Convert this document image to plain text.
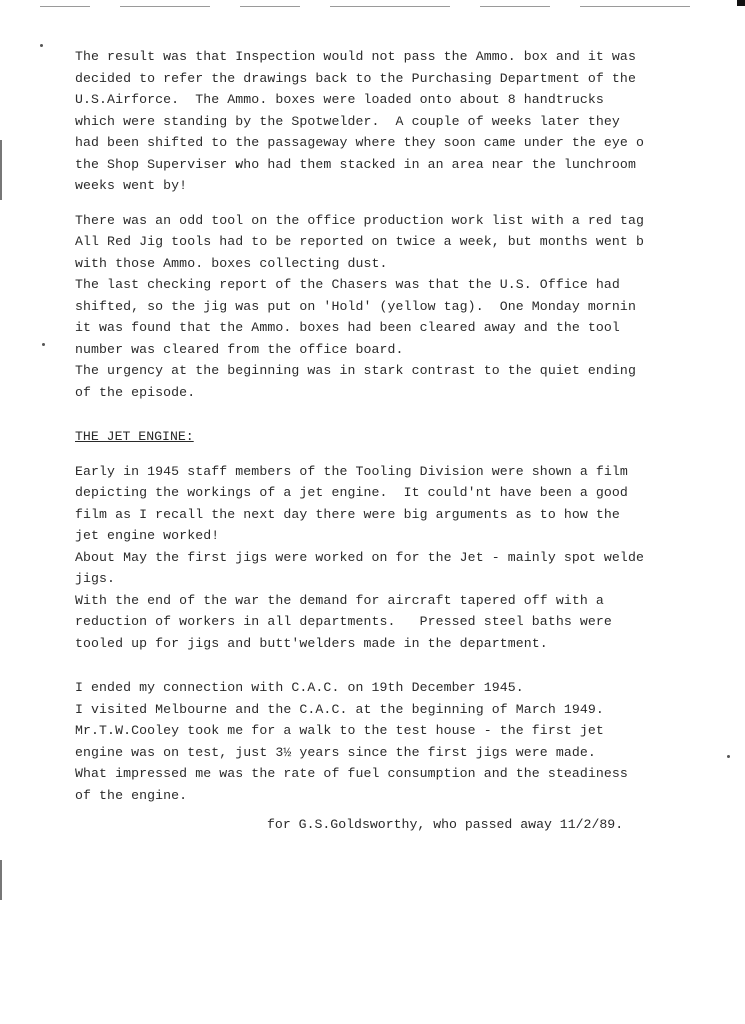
The result was that Inspection would not pass the Ammo. box and it was
decided to refer the drawings back to the Purchasing Department of the
U.S.Airforce.  The Ammo. boxes were loaded onto about 8 handtrucks
which were standing by the Spotwelder.  A couple of weeks later they
had been shifted to the passageway where they soon came under the eye o
the Shop Superviser who had them stacked in an area near the lunchroom
weeks went by!
There was an odd tool on the office production work list with a red tag
All Red Jig tools had to be reported on twice a week, but months went b
with those Ammo. boxes collecting dust.
The last checking report of the Chasers was that the U.S. Office had
shifted, so the jig was put on 'Hold' (yellow tag).  One Monday mornin
it was found that the Ammo. boxes had been cleared away and the tool
number was cleared from the office board.
The urgency at the beginning was in stark contrast to the quiet ending
of the episode.
THE JET ENGINE:
Early in 1945 staff members of the Tooling Division were shown a film
depicting the workings of a jet engine.  It could'nt have been a good
film as I recall the next day there were big arguments as to how the
jet engine worked!
About May the first jigs were worked on for the Jet - mainly spot welde
jigs.
With the end of the war the demand for aircraft tapered off with a
reduction of workers in all departments.   Pressed steel baths were
tooled up for jigs and butt'welders made in the department.
I ended my connection with C.A.C. on 19th December 1945.
I visited Melbourne and the C.A.C. at the beginning of March 1949.
Mr.T.W.Cooley took me for a walk to the test house - the first jet
engine was on test, just 3½ years since the first jigs were made.
What impressed me was the rate of fuel consumption and the steadiness
of the engine.
for G.S.Goldsworthy, who passed away 11/2/89.
